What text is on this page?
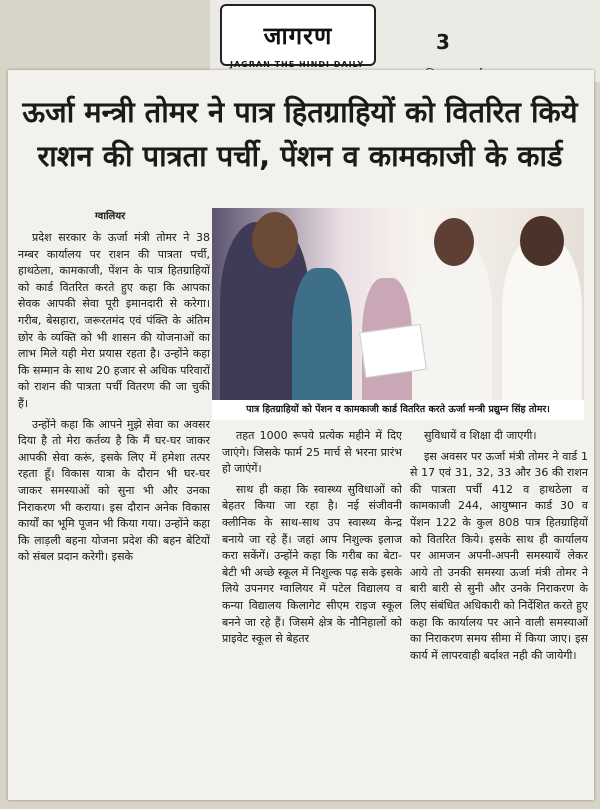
जागरण
JAGRAN THE HINDI DAILY
3
ऊर्जा मन्त्री तोमर ने पात्र हितग्राहियों को वितरित किये
राशन की पात्रता पर्ची, पेंशन व कामकाजी के कार्ड
ग्वालियर
पात्र हितग्राहियों को पेंशन व कामकाजी कार्ड वितरित करते ऊर्जा मन्त्री प्रद्युम्न सिंह तोमर।

प्रदेश सरकार के ऊर्जा मंत्री तोमर ने 38 नम्बर कार्यालय पर राशन की पात्रता पर्ची, हाथठेला, कामकाजी, पेंशन के पात्र हितग्राहियों को कार्ड वितरित करते हुए कहा कि आपका सेवक आपकी सेवा पूरी इमानदारी से करेगा। गरीब, बेसहारा, जरूरतमंद एवं पंक्ति के अंतिम छोर के व्यक्ति को भी शासन की योजनाओं का लाभ मिले यही मेरा प्रयास रहता है। उन्होंने कहा कि सम्मान के साथ 20 हजार से अधिक परिवारों को राशन की पात्रता पर्ची वितरण की जा चुकी हैं।

उन्होंने कहा कि आपने मुझे सेवा का अवसर दिया है तो मेरा कर्तव्य है कि मैं घर-घर जाकर आपकी सेवा करूं, इसके लिए में हमेशा तत्पर रहता हूँ। विकास यात्रा के दौरान भी घर-घर जाकर समस्याओं को सुना भी और उनका निराकरण भी कराया। इस दौरान अनेक विकास कार्यों का भूमि पूजन भी किया गया। उन्होंने कहा कि लाड़ली बहना योजना प्रदेश की बहन बेटियों को संबल प्रदान करेगी। इसके

तहत 1000 रूपये प्रत्येक महीने में दिए जाएंगे। जिसके फार्म 25 मार्च से भरना प्रारंभ हो जाएंगें।

साथ ही कहा कि स्वास्थ्य सुविधाओं को बेहतर किया जा रहा है। नई संजीवनी क्लीनिक के साथ-साथ उप स्वास्थ्य केन्द्र बनाये जा रहे हैं। जहां आप निशुल्क इलाज करा सकेंगें। उन्होंने कहा कि गरीब का बेटा-बेटी भी अच्छे स्कूल में निशुल्क पढ़ सके इसके लिये उपनगर ग्वालियर में पटेल विद्यालय व कन्या विद्यालय किलागेट सीएम राइज स्कूल बनने जा रहे हैं। जिसमे क्षेत्र के नौनिहालों को प्राइवेट स्कूल से बेहतर

सुविधायें व शिक्षा दी जाएगी।

इस अवसर पर ऊर्जा मंत्री तोमर ने वार्ड 1 से 17 एवं 31, 32, 33 और 36 की राशन की पात्रता पर्ची 412 व हाथठेला व कामकाजी 244, आयुष्मान कार्ड 30 व पेंशन 122 के कुल 808 पात्र हितग्राहियों को वितरित किये। इसके साथ ही कार्यालय पर आमजन अपनी-अपनी समस्यायें लेकर आये तो उनकी समस्या ऊर्जा मंत्री तोमर ने बारी बारी से सुनी और उनके निराकरण के लिए संबंधित अधिकारी को निर्देशित करते हुए कहा कि कार्यालय पर आने वाली समस्याओं का निराकरण समय सीमा में किया जाए। इस कार्य में लापरवाही बर्दाश्त नही की जायेगी।
